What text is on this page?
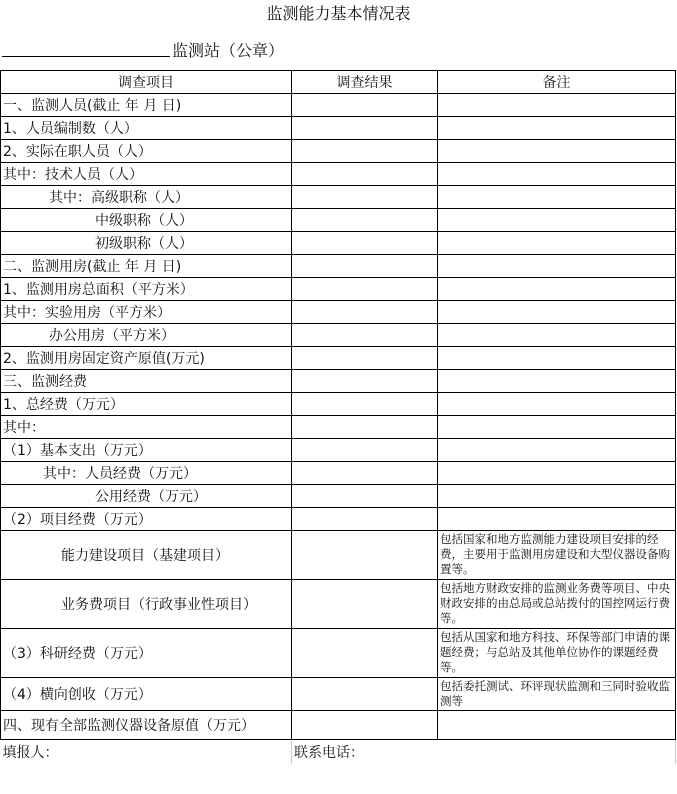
监测能力基本情况表
监测站（公章）
调查项目	调查结果	备注
一、监测人员(截止 年 月 日)		
1、人员编制数（人）		
2、实际在职人员（人）		
其中：技术人员（人）		
其中：高级职称（人）		
中级职称（人）		
初级职称（人）		
二、监测用房(截止 年 月 日)		
1、监测用房总面积（平方米）		
其中：实验用房（平方米）		
办公用房（平方米）		
2、监测用房固定资产原值(万元)		
三、监测经费		
1、总经费（万元）		
其中：		
（1）基本支出（万元）		
其中：人员经费（万元）		
公用经费（万元）		
（2）项目经费（万元）		
能力建设项目（基建项目）		包括国家和地方监测能力建设项目安排的经费，主要用于监测用房建设和大型仪器设备购置等。
业务费项目（行政事业性项目）		包括地方财政安排的监测业务费等项目、中央财政安排的由总局或总站拨付的国控网运行费等。
（3）科研经费（万元）		包括从国家和地方科技、环保等部门申请的课题经费；与总站及其他单位协作的课题经费等。
（4）横向创收（万元）		包括委托测试、环评现状监测和三同时验收监测等
四、现有全部监测仪器设备原值（万元）		
填报人：	联系电话：	
